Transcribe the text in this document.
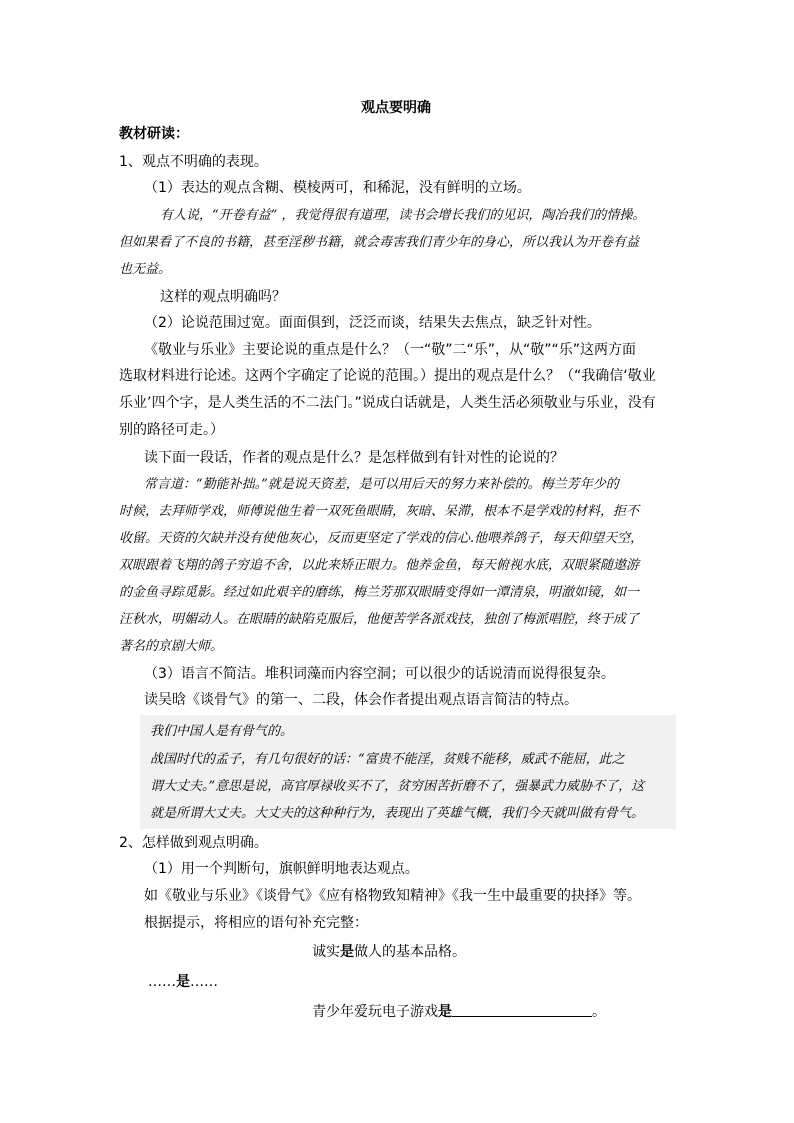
观点要明确
教材研读：
1、观点不明确的表现。
（1）表达的观点含糊、模棱两可，和稀泥，没有鲜明的立场。
有人说，“开卷有益” ，我觉得很有道理，读书会增长我们的见识，陶冶我们的情操。
但如果看了不良的书籍，甚至淫秽书籍，就会毒害我们青少年的身心，所以我认为开卷有益
也无益。
这样的观点明确吗？
（2）论说范围过宽。面面俱到，泛泛而谈，结果失去焦点，缺乏针对性。
《敬业与乐业》主要论说的重点是什么？（一“敬”二“乐”，从“敬”“乐”这两方面
选取材料进行论述。这两个字确定了论说的范围。）提出的观点是什么？（“我确信‘敬业
乐业’四个字，是人类生活的不二法门。”说成白话就是，人类生活必须敬业与乐业，没有
别的路径可走。）
读下面一段话，作者的观点是什么？是怎样做到有针对性的论说的？
常言道：“勤能补拙。”就是说天资差，是可以用后天的努力来补偿的。梅兰芳年少的
时候，去拜师学戏，师傅说他生着一双死鱼眼睛，灰暗、呆滞，根本不是学戏的材料，拒不
收留。天资的欠缺并没有使他灰心，反而更坚定了学戏的信心.他喂养鸽子，每天仰望天空，
双眼跟着飞翔的鸽子穷追不舍，以此来矫正眼力。他养金鱼，每天俯视水底，双眼紧随遨游
的金鱼寻踪觅影。经过如此艰辛的磨练，梅兰芳那双眼睛变得如一潭清泉，明澈如镜，如一
汪秋水，明媚动人。在眼睛的缺陷克服后，他便苦学各派戏技，独创了梅派唱腔，终于成了
著名的京剧大师。
（3）语言不简洁。堆积词藻而内容空洞；可以很少的话说清而说得很复杂。
读吴晗《谈骨气》的第一、二段，体会作者提出观点语言简洁的特点。
我们中国人是有骨气的。
战国时代的孟子，有几句很好的话：“富贵不能淫，贫贱不能移，威武不能屈，此之
谓大丈夫。”意思是说，高官厚禄收买不了，贫穷困苦折磨不了，强暴武力威胁不了，这
就是所谓大丈夫。大丈夫的这种种行为，表现出了英雄气概，我们今天就叫做有骨气。
2、怎样做到观点明确。
（1）用一个判断句，旗帜鲜明地表达观点。
如《敬业与乐业》《谈骨气》《应有格物致知精神》《我一生中最重要的抉择》等。
根据提示，将相应的语句补充完整：
诚实是做人的基本品格。
……是……
青少年爱玩电子游戏是	。
